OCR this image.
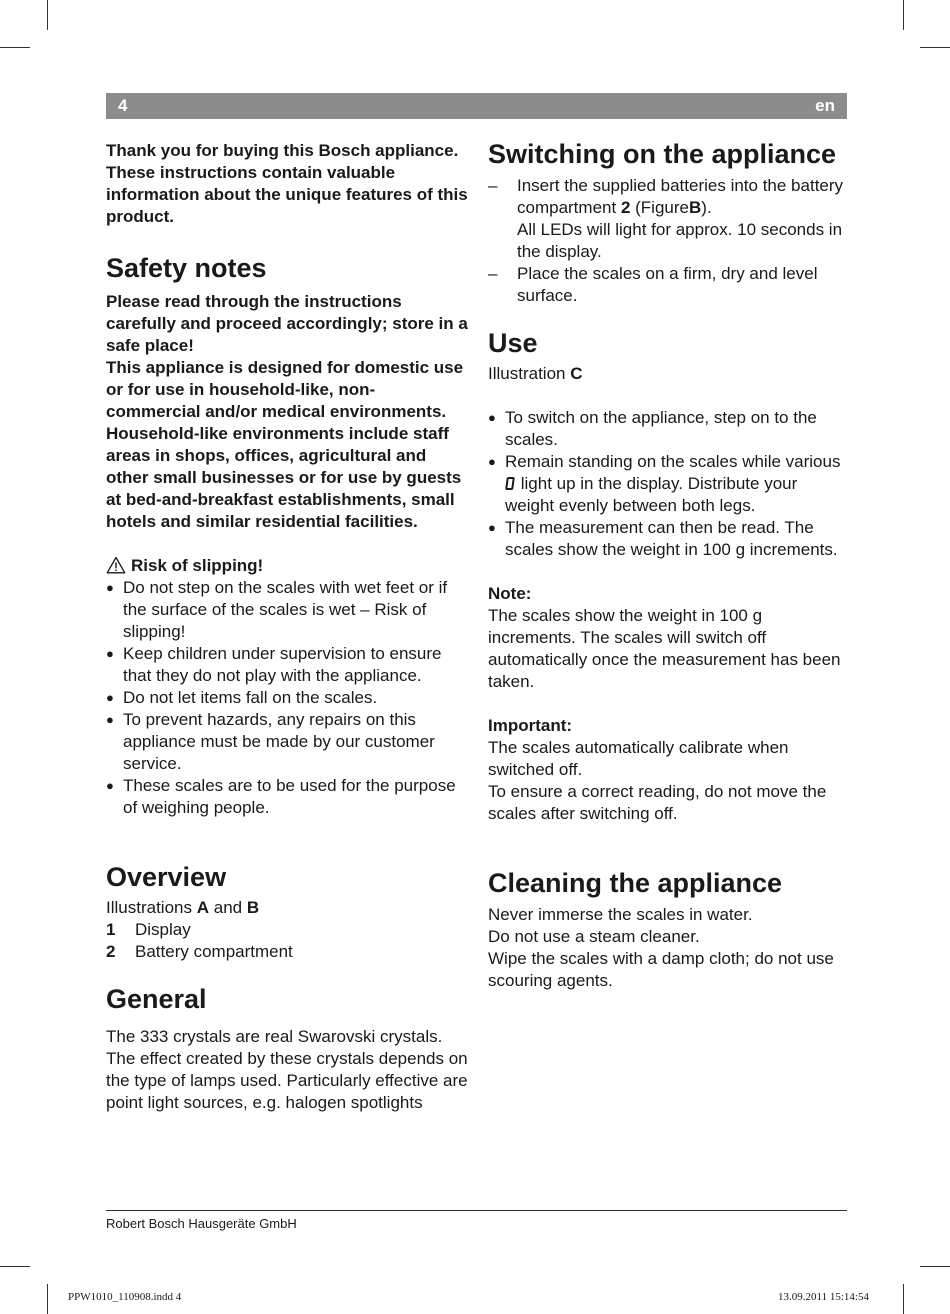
4	en

Thank you for buying this Bosch appliance. These instructions contain valuable information about the unique features of this product.

Safety notes

Please read through the instructions carefully and proceed accordingly; store in a safe place!

This appliance is designed for domestic use or for use in household-like, non-commercial and/or medical environments. Household-like environments include staff areas in shops, offices, agricultural and other small businesses or for use by guests at bed-and-breakfast establishments, small hotels and similar residential facilities.

Risk of slipping!

● Do not step on the scales with wet feet or if the surface of the scales is wet – Risk of slipping!
● Keep children under supervision to ensure that they do not play with the appliance.
● Do not let items fall on the scales.
● To prevent hazards, any repairs on this appliance must be made by our customer service.
● These scales are to be used for the purpose of weighing people.
Overview

Illustrations A and B

1	Display
2	Battery compartment
General

The 333 crystals are real Swarovski crystals. The effect created by these crystals depends on the type of lamps used. Particularly effective are point light sources, e.g. halogen spotlights

Switching on the appliance
– Insert the supplied batteries into the battery compartment 2 (FigureB).
All LEDs will light for approx. 10 seconds in the display.
– Place the scales on a firm, dry and level surface.
Use

Illustration C

● To switch on the appliance, step on to the scales.
● Remain standing on the scales while various  light up in the display. Distribute your weight evenly between both legs.
● The measurement can then be read. The scales show the weight in 100 g increments.

Note:

The scales show the weight in 100 g increments. The scales will switch off automatically once the measurement has been taken.

Important:

The scales automatically calibrate when switched off.

To ensure a correct reading, do not move the scales after switching off.

Cleaning the appliance

Never immerse the scales in water.

Do not use a steam cleaner.

Wipe the scales with a damp cloth; do not use scouring agents.

Robert Bosch Hausgeräte GmbH
PPW1010_110908.indd 4	13.09.2011 15:14:54
